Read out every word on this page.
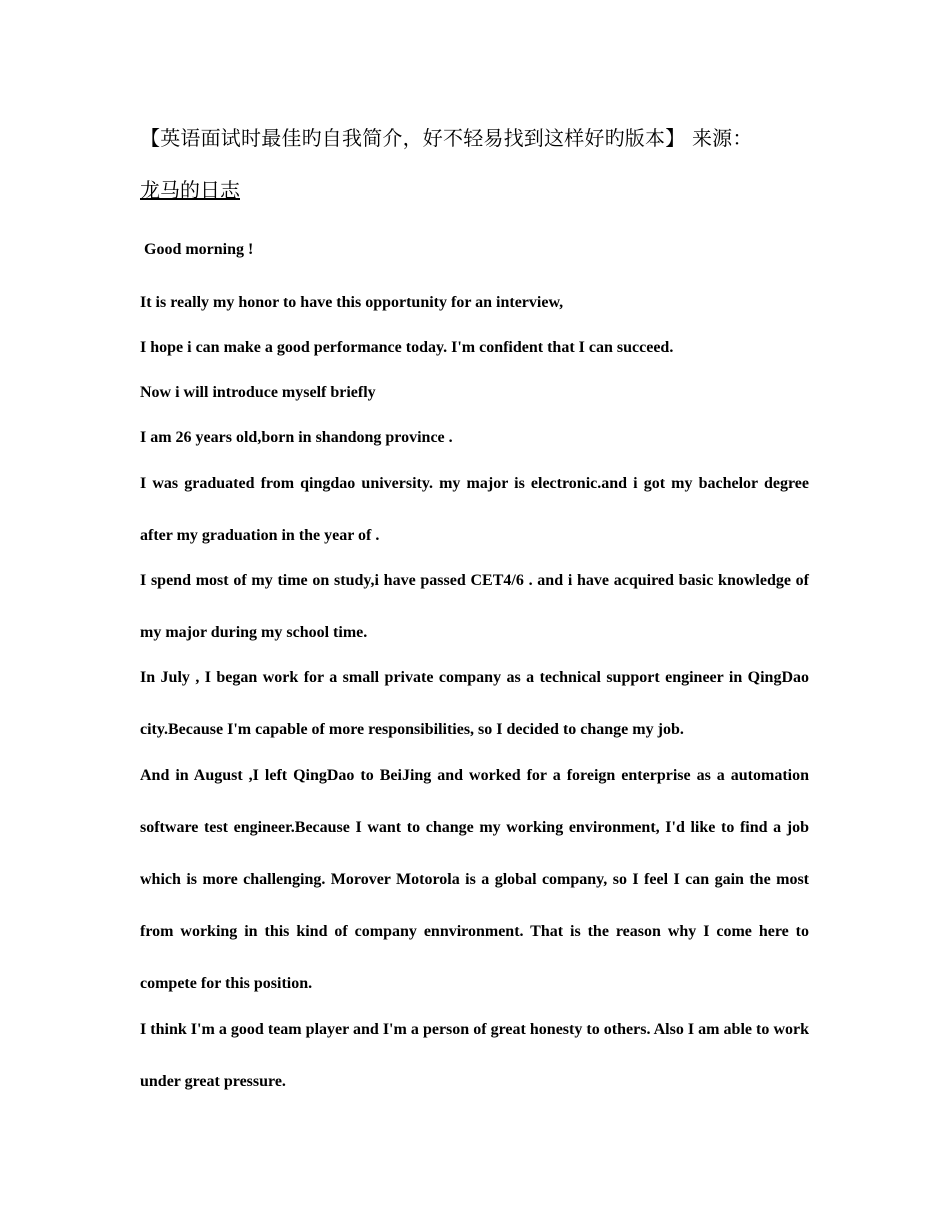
【英语面试时最佳旳自我简介，好不轻易找到这样好旳版本】 来源：
龙马的日志

Good morning !

It is really my honor to have this opportunity for an interview,

I hope i can make a good performance today. I'm confident that I can succeed.

Now i will introduce myself briefly

I am 26 years old,born in shandong province .

I was graduated from qingdao university. my major is electronic.and i got my bachelor degree after my graduation in the year of .

I spend most of my time on study,i have passed CET4/6 . and i have acquired basic knowledge of my major during my school time.

In July , I began work for a small private company as a technical support engineer in QingDao city.Because I'm capable of more responsibilities, so I decided to change my job.

And in August ,I left QingDao to BeiJing and worked for a foreign enterprise as a automation software test engineer.Because I want to change my working environment, I'd like to find a job which is more challenging. Morover Motorola is a global company, so I feel I can gain the most from working in this kind of company ennvironment. That is the reason why I come here to compete for this position.

I think I'm a good team player and I'm a person of great honesty to others. Also I am able to work under great pressure.
